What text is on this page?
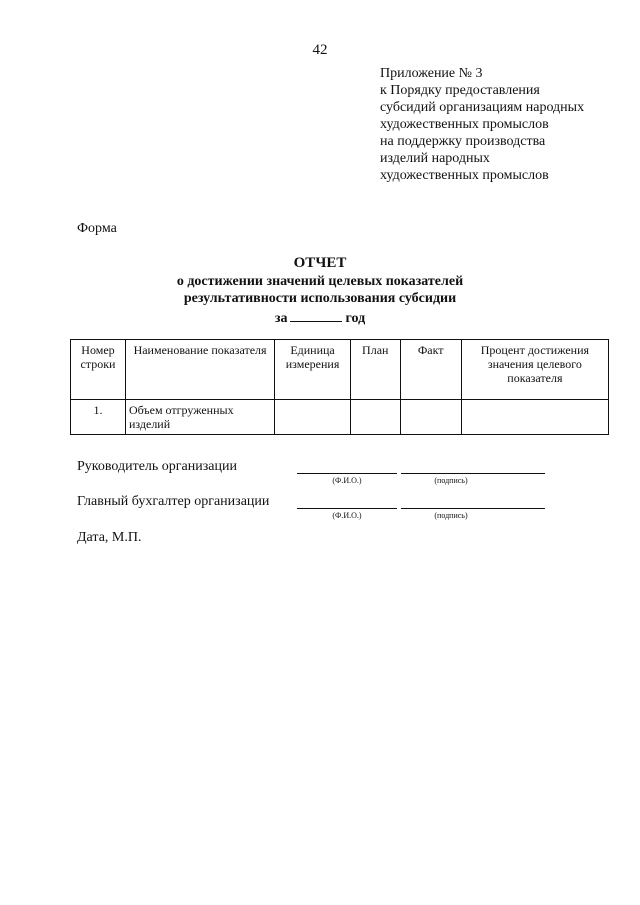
42
Приложение № 3
к Порядку предоставления
субсидий организациям народных
художественных промыслов
на поддержку производства
изделий народных
художественных промыслов
Форма
ОТЧЕТ
о достижении значений целевых показателей
результативности использования субсидии
за	год
Номер строки	Наименование показателя	Единица измерения	План	Факт	Процент достижения значения целевого показателя
1.	Объем отгруженных изделий				
Руководитель организации
(Ф.И.О.)	(подпись)
Главный бухгалтер организации
(Ф.И.О.)	(подпись)
Дата, М.П.
